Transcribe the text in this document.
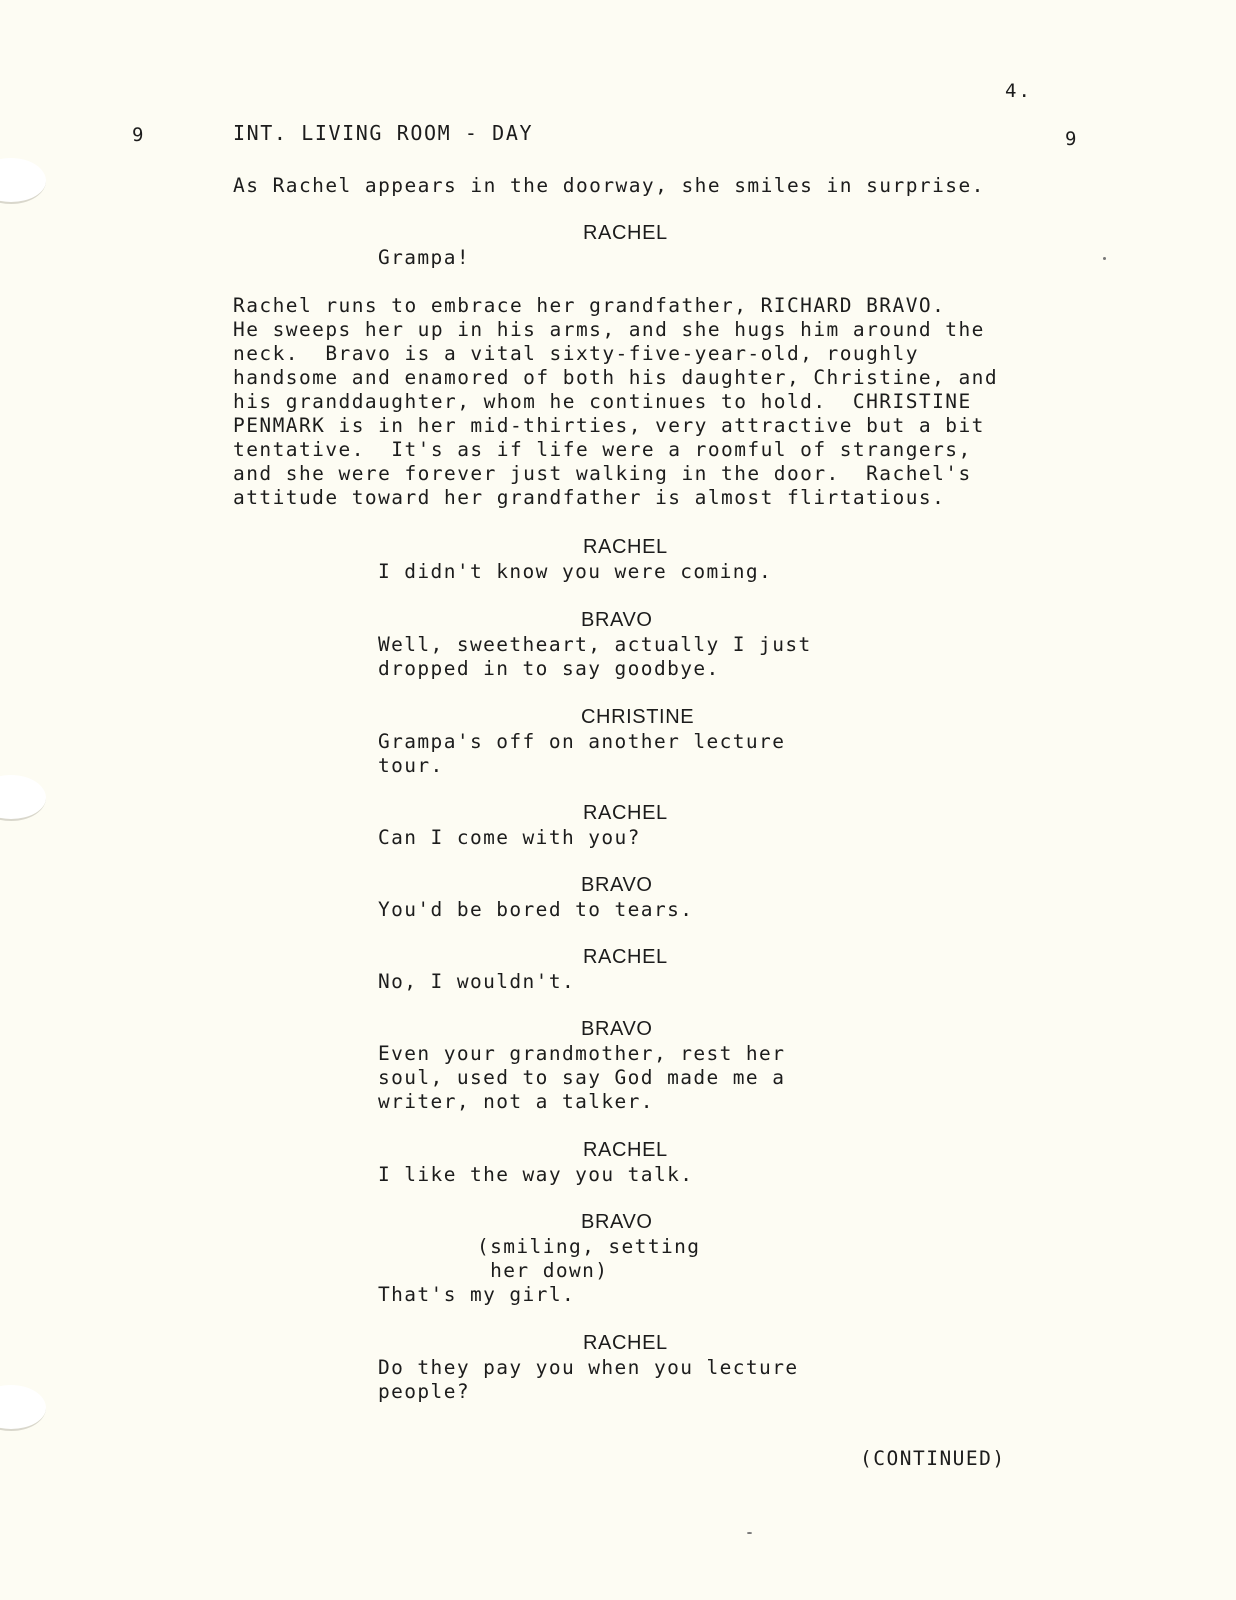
4.
9	INT. LIVING ROOM - DAY	9
As Rachel appears in the doorway, she smiles in surprise.
RACHEL
Grampa!
Rachel runs to embrace her grandfather, RICHARD BRAVO.
He sweeps her up in his arms, and she hugs him around the
neck.  Bravo is a vital sixty-five-year-old, roughly
handsome and enamored of both his daughter, Christine, and
his granddaughter, whom he continues to hold.  CHRISTINE
PENMARK is in her mid-thirties, very attractive but a bit
tentative.  It's as if life were a roomful of strangers,
and she were forever just walking in the door.  Rachel's
attitude toward her grandfather is almost flirtatious.
RACHEL
I didn't know you were coming.
BRAVO
Well, sweetheart, actually I just
dropped in to say goodbye.
CHRISTINE
Grampa's off on another lecture
tour.
RACHEL
Can I come with you?
BRAVO
You'd be bored to tears.
RACHEL
No, I wouldn't.
BRAVO
Even your grandmother, rest her
soul, used to say God made me a
writer, not a talker.
RACHEL
I like the way you talk.
BRAVO
(smiling, setting
her down)
That's my girl.
RACHEL
Do they pay you when you lecture
people?
(CONTINUED)
